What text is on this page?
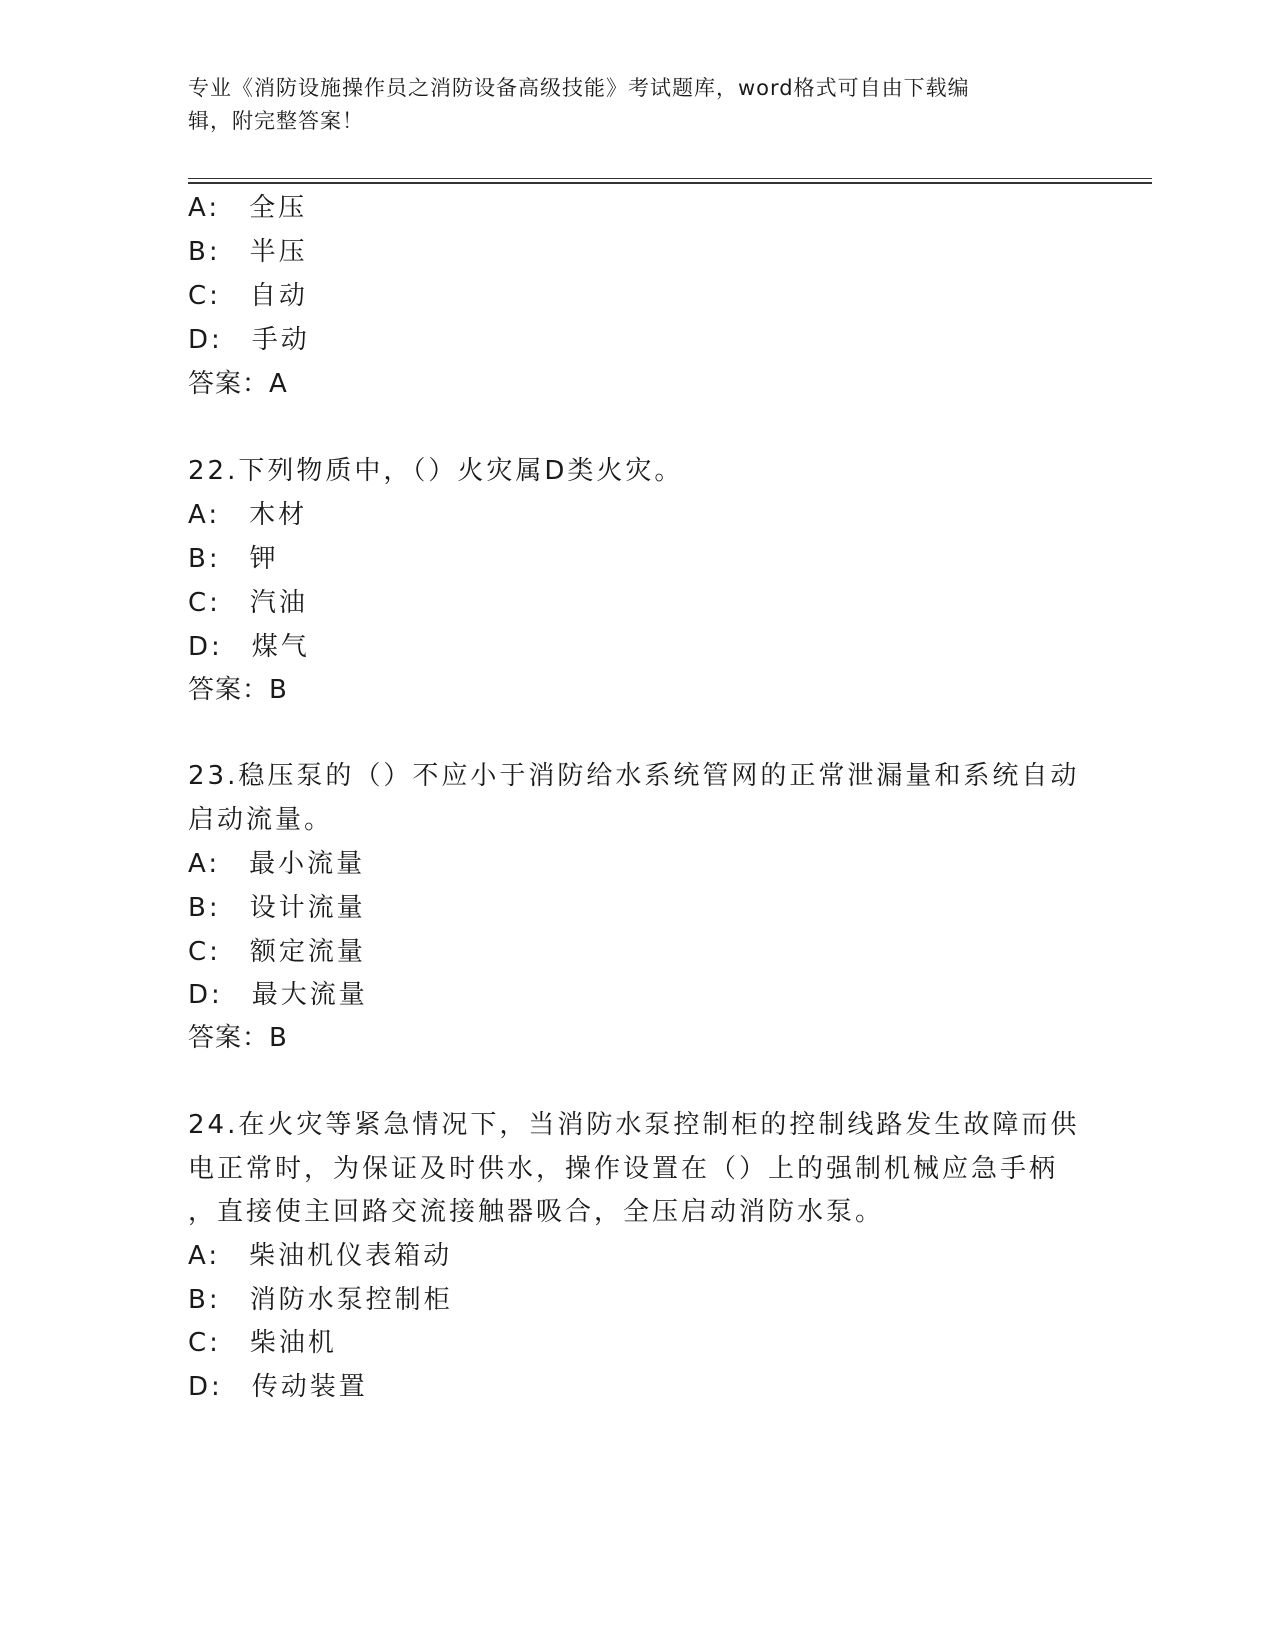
专业《消防设施操作员之消防设备高级技能》考试题库，word格式可自由下载编
辑，附完整答案！
A:　全压
B:　半压
C:　自动
D:　手动
答案：A
22.下列物质中，（）火灾属D类火灾。
A:　木材
B:　钾
C:　汽油
D:　煤气
答案：B
23.稳压泵的（）不应小于消防给水系统管网的正常泄漏量和系统自动
启动流量。
A:　最小流量
B:　设计流量
C:　额定流量
D:　最大流量
答案：B
24.在火灾等紧急情况下，当消防水泵控制柜的控制线路发生故障而供
电正常时，为保证及时供水，操作设置在（）上的强制机械应急手柄
，直接使主回路交流接触器吸合，全压启动消防水泵。
A:　柴油机仪表箱动
B:　消防水泵控制柜
C:　柴油机
D:　传动装置
